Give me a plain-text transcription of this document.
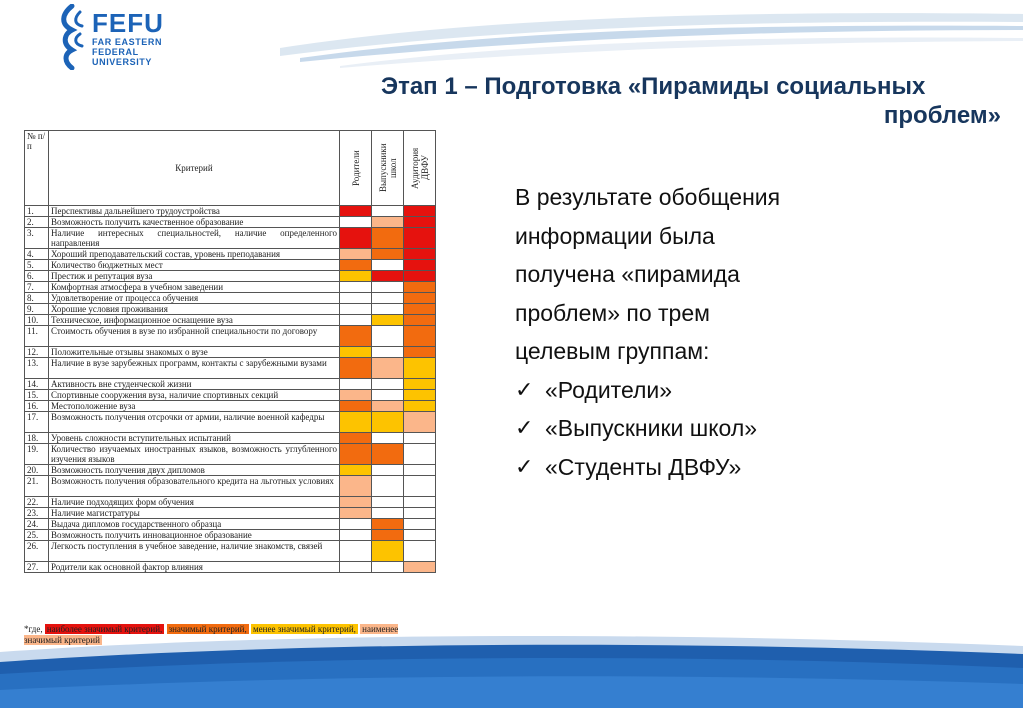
FEFU
FAR EASTERN
FEDERAL
UNIVERSITY
Этап 1 – Подготовка «Пирамиды социальных
проблем»
№ п/п	Критерий	Родители	Выпускники школ	Аудитория ДВФУ

1.	Перспективы дальнейшего трудоустройства			
2.	Возможность получить качественное образование			
3.	Наличие интересных специальностей, наличие определенного направления			
4.	Хороший преподавательский состав, уровень преподавания			
5.	Количество бюджетных мест			
6.	Престиж и репутация вуза			
7.	Комфортная атмосфера в учебном заведении			
8.	Удовлетворение от процесса обучения			
9.	Хорошие условия проживания			
10.	Техническое, информационное оснащение вуза			
11.	Стоимость обучения в вузе по избранной специальности по договору			
12.	Положительные отзывы знакомых о вузе			
13.	Наличие в вузе зарубежных программ, контакты с зарубежными вузами			
14.	Активность вне студенческой жизни			
15.	Спортивные сооружения вуза, наличие спортивных секций			
16.	Местоположение вуза			
17.	Возможность получения отсрочки от армии, наличие военной кафедры			
18.	Уровень сложности вступительных испытаний			
19.	Количество изучаемых иностранных языков, возможность углубленного изучения языков			
20.	Возможность получения двух дипломов			
21.	Возможность получения образовательного кредита на льготных условиях			
22.	Наличие подходящих форм обучения			
23.	Наличие магистратуры			
24.	Выдача дипломов государственного образца			
25.	Возможность получить инновационное образование			
26.	Легкость поступления в учебное заведение, наличие знакомств, связей			
27.	Родители как основной фактор влияния			
*где, наиболее значимый критерий, значимый критерий, менее значимый критерий, наименее значимый критерий
В результате обобщения
информации была
получена «пирамида
проблем» по трем
целевым группам:
✓ «Родители»
✓ «Выпускники школ»
✓ «Студенты ДВФУ»
